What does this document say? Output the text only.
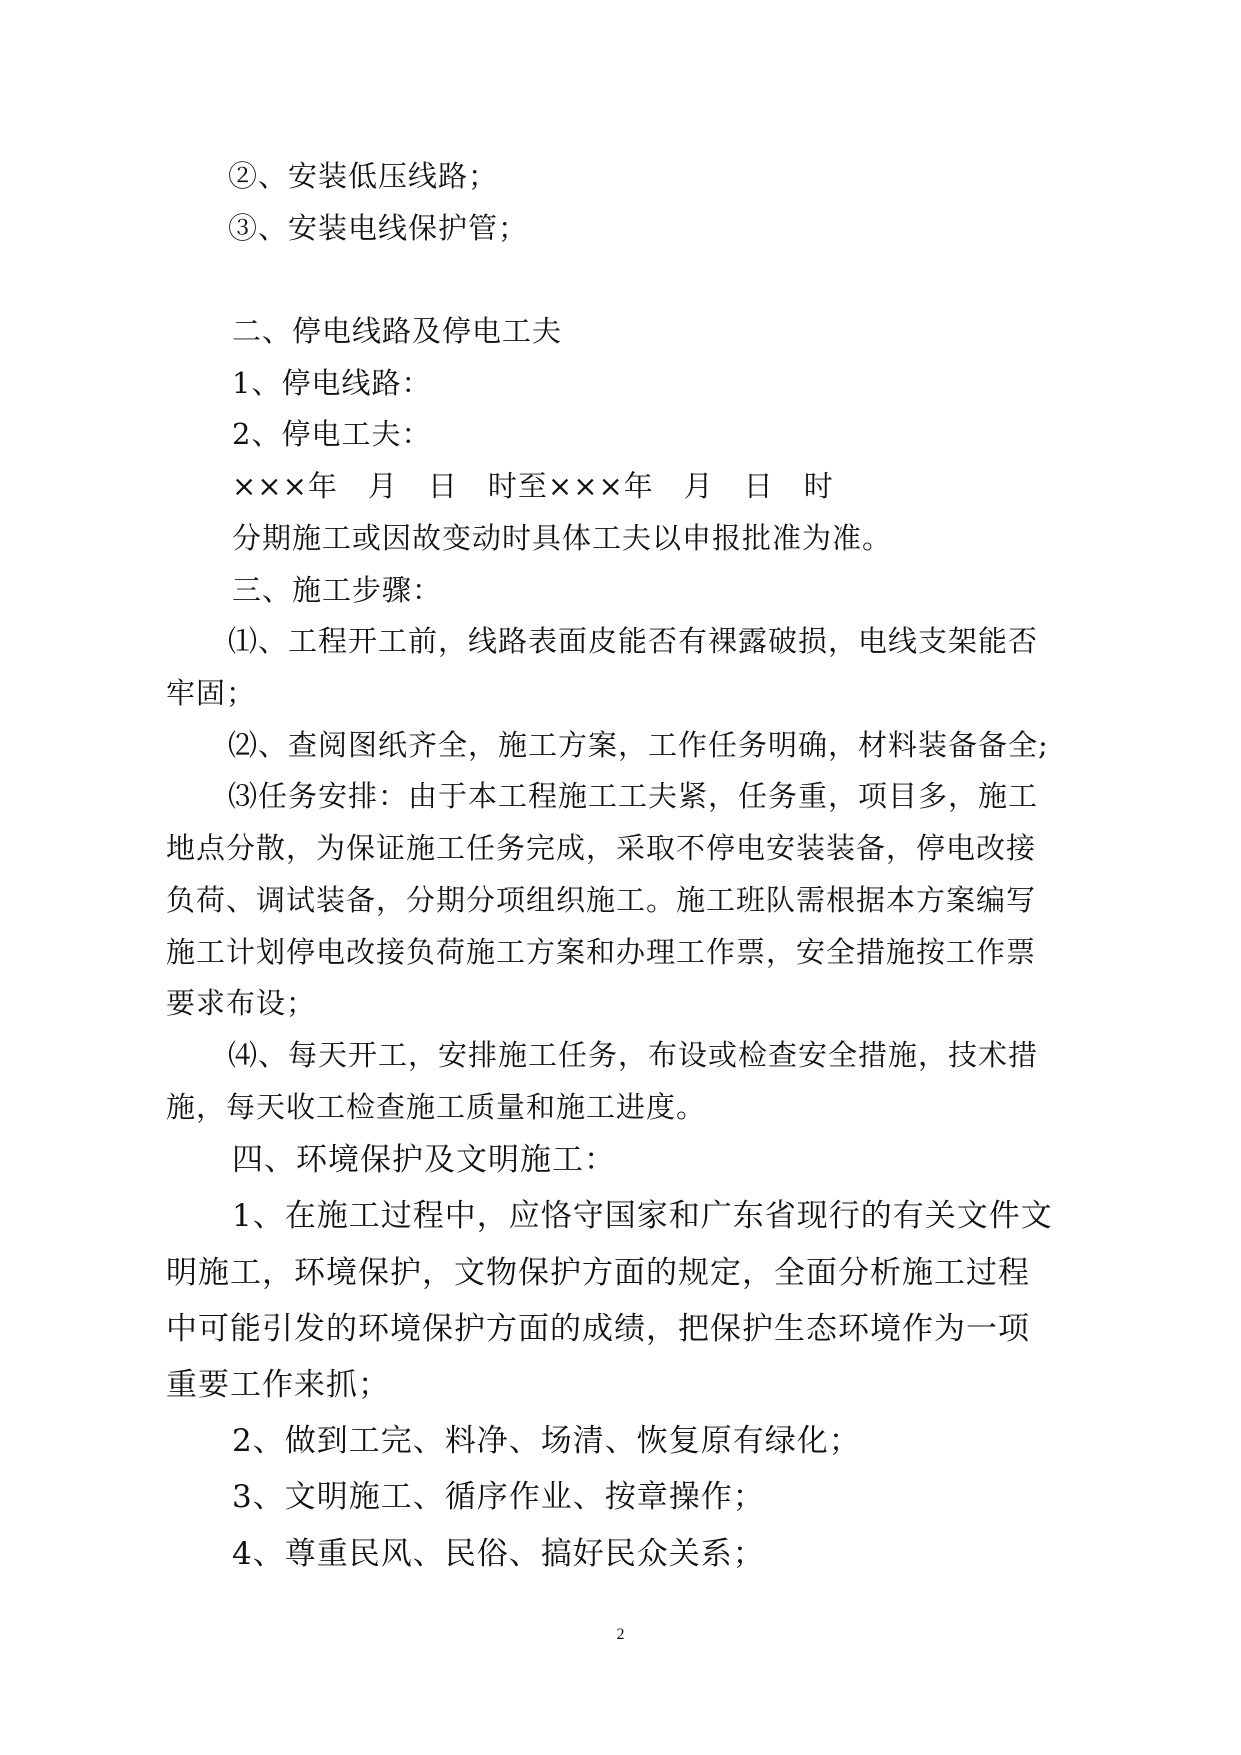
②、安装低压线路；
③、安装电线保护管；
二、停电线路及停电工夫
1、停电线路：
2、停电工夫：
×××年　月　日　时至×××年　月　日　时
分期施工或因故变动时具体工夫以申报批准为准。
三、施工步骤：
⑴、工程开工前，线路表面皮能否有裸露破损，电线支架能否
牢固；
⑵、查阅图纸齐全，施工方案，工作任务明确，材料装备备全;
⑶任务安排：由于本工程施工工夫紧，任务重，项目多，施工
地点分散，为保证施工任务完成，采取不停电安装装备，停电改接
负荷、调试装备，分期分项组织施工。施工班队需根据本方案编写
施工计划停电改接负荷施工方案和办理工作票，安全措施按工作票
要求布设；
⑷、每天开工，安排施工任务，布设或检查安全措施，技术措
施，每天收工检查施工质量和施工进度。
四、环境保护及文明施工：
1、在施工过程中，应恪守国家和广东省现行的有关文件文
明施工，环境保护，文物保护方面的规定，全面分析施工过程
中可能引发的环境保护方面的成绩，把保护生态环境作为一项
重要工作来抓；
2、做到工完、料净、场清、恢复原有绿化；
3、文明施工、循序作业、按章操作；
4、尊重民风、民俗、搞好民众关系；
2
